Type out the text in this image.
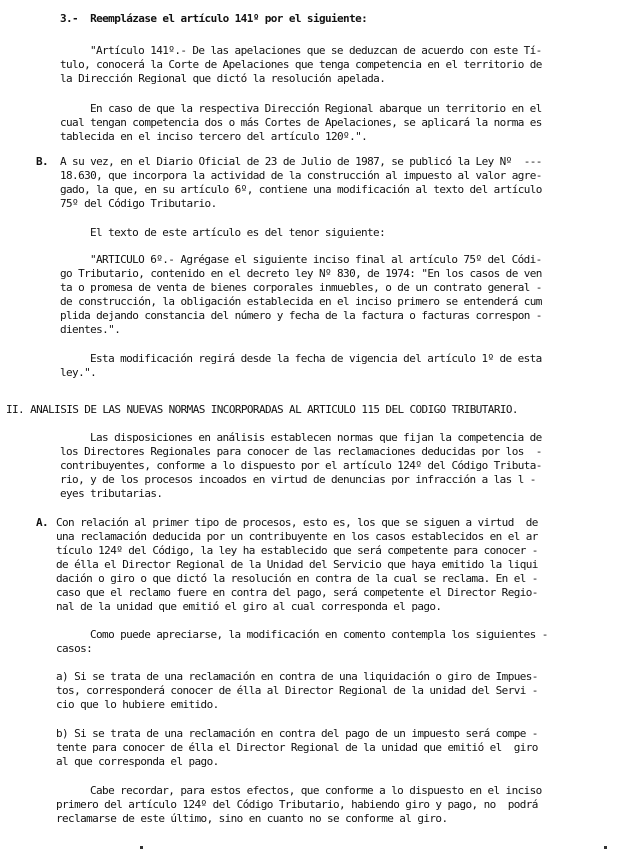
3.-  Reemplázase el artículo 141º por el siguiente:
"Artículo 141º.- De las apelaciones que se deduzcan de acuerdo con este Tí-
tulo, conocerá la Corte de Apelaciones que tenga competencia en el territorio de
la Dirección Regional que dictó la resolución apelada.
En caso de que la respectiva Dirección Regional abarque un territorio en el
cual tengan competencia dos o más Cortes de Apelaciones, se aplicará la norma es
tablecida en el inciso tercero del artículo 120º.".
B. A su vez, en el Diario Oficial de 23 de Julio de 1987, se publicó la Ley Nº  ---
18.630, que incorpora la actividad de la construcción al impuesto al valor agre-
gado, la que, en su artículo 6º, contiene una modificación al texto del artículo
75º del Código Tributario.
El texto de este artículo es del tenor siguiente:
"ARTICULO 6º.- Agrégase el siguiente inciso final al artículo 75º del Códi-
go Tributario, contenido en el decreto ley Nº 830, de 1974: "En los casos de ven
ta o promesa de venta de bienes corporales inmuebles, o de un contrato general -
de construcción, la obligación establecida en el inciso primero se entenderá cum
plida dejando constancia del número y fecha de la factura o facturas correspon -
dientes.".
Esta modificación regirá desde la fecha de vigencia del artículo 1º de esta
ley.".
II. ANALISIS DE LAS NUEVAS NORMAS INCORPORADAS AL ARTICULO 115 DEL CODIGO TRIBUTARIO.
Las disposiciones en análisis establecen normas que fijan la competencia de
los Directores Regionales para conocer de las reclamaciones deducidas por los  -
contribuyentes, conforme a lo dispuesto por el artículo 124º del Código Tributa-
rio, y de los procesos incoados en virtud de denuncias por infracción a las l -
eyes tributarias.
A. Con relación al primer tipo de procesos, esto es, los que se siguen a virtud  de
una reclamación deducida por un contribuyente en los casos establecidos en el ar
tículo 124º del Código, la ley ha establecido que será competente para conocer -
de élla el Director Regional de la Unidad del Servicio que haya emitido la liqui
dación o giro o que dictó la resolución en contra de la cual se reclama. En el -
caso que el reclamo fuere en contra del pago, será competente el Director Regio-
nal de la unidad que emitió el giro al cual corresponda el pago.
Como puede apreciarse, la modificación en comento contempla los siguientes -
casos:
a) Si se trata de una reclamación en contra de una liquidación o giro de Impues-
tos, corresponderá conocer de élla al Director Regional de la unidad del Servi -
cio que lo hubiere emitido.
b) Si se trata de una reclamación en contra del pago de un impuesto será compe -
tente para conocer de élla el Director Regional de la unidad que emitió el  giro
al que corresponda el pago.
Cabe recordar, para estos efectos, que conforme a lo dispuesto en el inciso
primero del artículo 124º del Código Tributario, habiendo giro y pago, no  podrá
reclamarse de este último, sino en cuanto no se conforme al giro.
